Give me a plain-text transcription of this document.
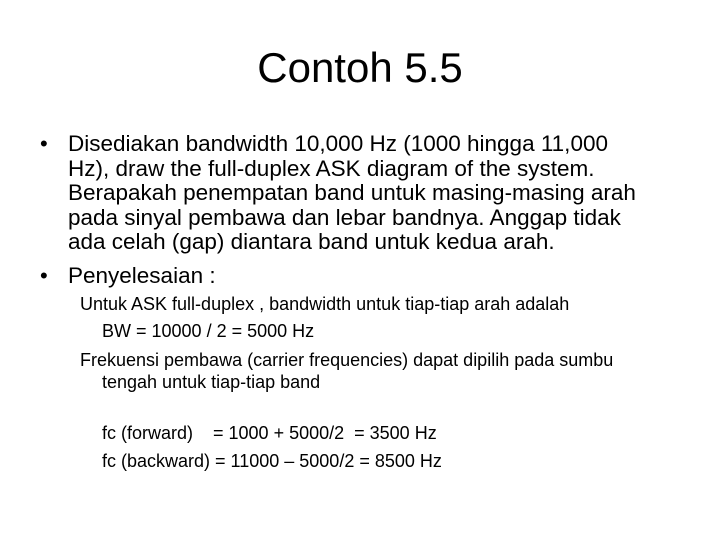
Contoh 5.5
• Disediakan bandwidth 10,000 Hz (1000 hingga 11,000
Hz), draw the full-duplex ASK diagram of the system.
Berapakah penempatan band untuk masing-masing arah
pada sinyal pembawa dan lebar bandnya. Anggap tidak
ada celah (gap) diantara band untuk kedua arah.
• Penyelesaian :
Untuk ASK full-duplex , bandwidth untuk tiap-tiap arah adalah
BW = 10000 / 2 = 5000 Hz
Frekuensi pembawa (carrier frequencies) dapat dipilih pada sumbu
tengah untuk tiap-tiap band
fc (forward)    = 1000 + 5000/2  = 3500 Hz
fc (backward) = 11000 – 5000/2 = 8500 Hz
